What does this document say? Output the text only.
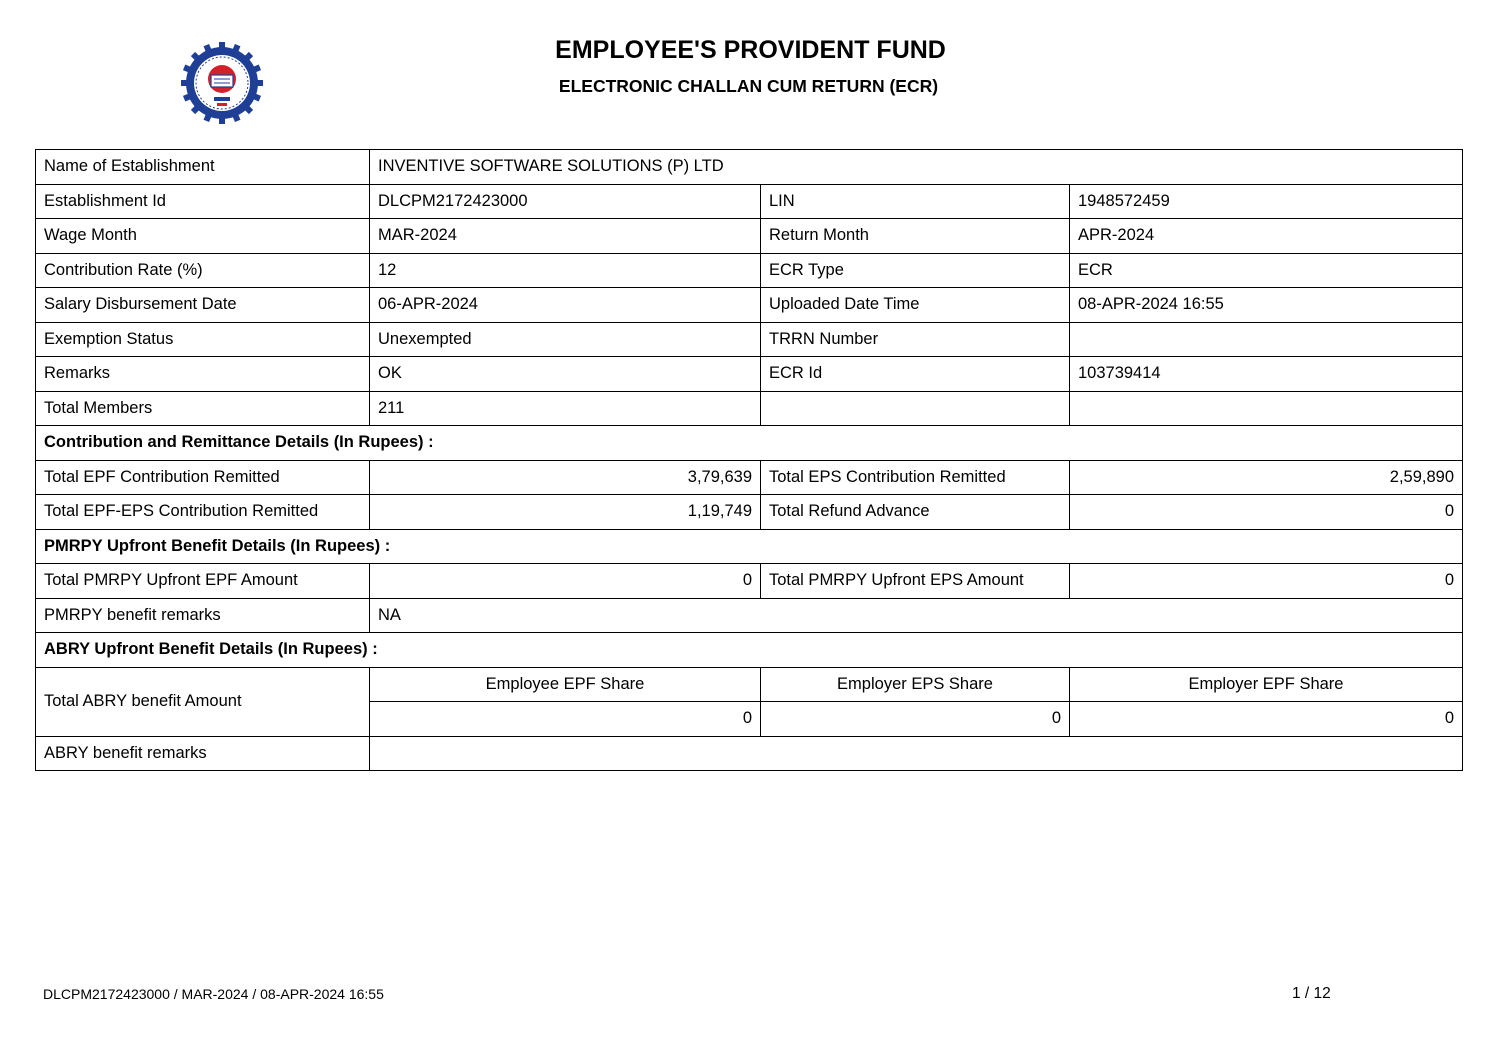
EMPLOYEE'S PROVIDENT FUND
ELECTRONIC CHALLAN CUM RETURN (ECR)
Name of Establishment	INVENTIVE SOFTWARE SOLUTIONS (P) LTD		
Establishment Id	DLCPM2172423000	LIN	1948572459
Wage Month	MAR-2024	Return Month	APR-2024
Contribution Rate (%)	12	ECR Type	ECR
Salary Disbursement Date	06-APR-2024	Uploaded Date Time	08-APR-2024 16:55
Exemption Status	Unexempted	TRRN Number	
Remarks	OK	ECR Id	103739414
Total Members	211		
Contribution and Remittance Details (In Rupees) :			
Total EPF Contribution Remitted	3,79,639	Total EPS Contribution Remitted	2,59,890
Total EPF-EPS Contribution Remitted	1,19,749	Total Refund Advance	0
PMRPY Upfront Benefit Details (In Rupees) :			
Total PMRPY Upfront EPF Amount	0	Total PMRPY Upfront EPS Amount	0
PMRPY benefit remarks	NA		
ABRY Upfront Benefit Details (In Rupees) :			
Total ABRY benefit Amount	Employee EPF Share	Employer EPS Share	Employer EPF Share
	0	0	0
ABRY benefit remarks			
DLCPM2172423000 / MAR-2024 / 08-APR-2024 16:55	1 / 12
